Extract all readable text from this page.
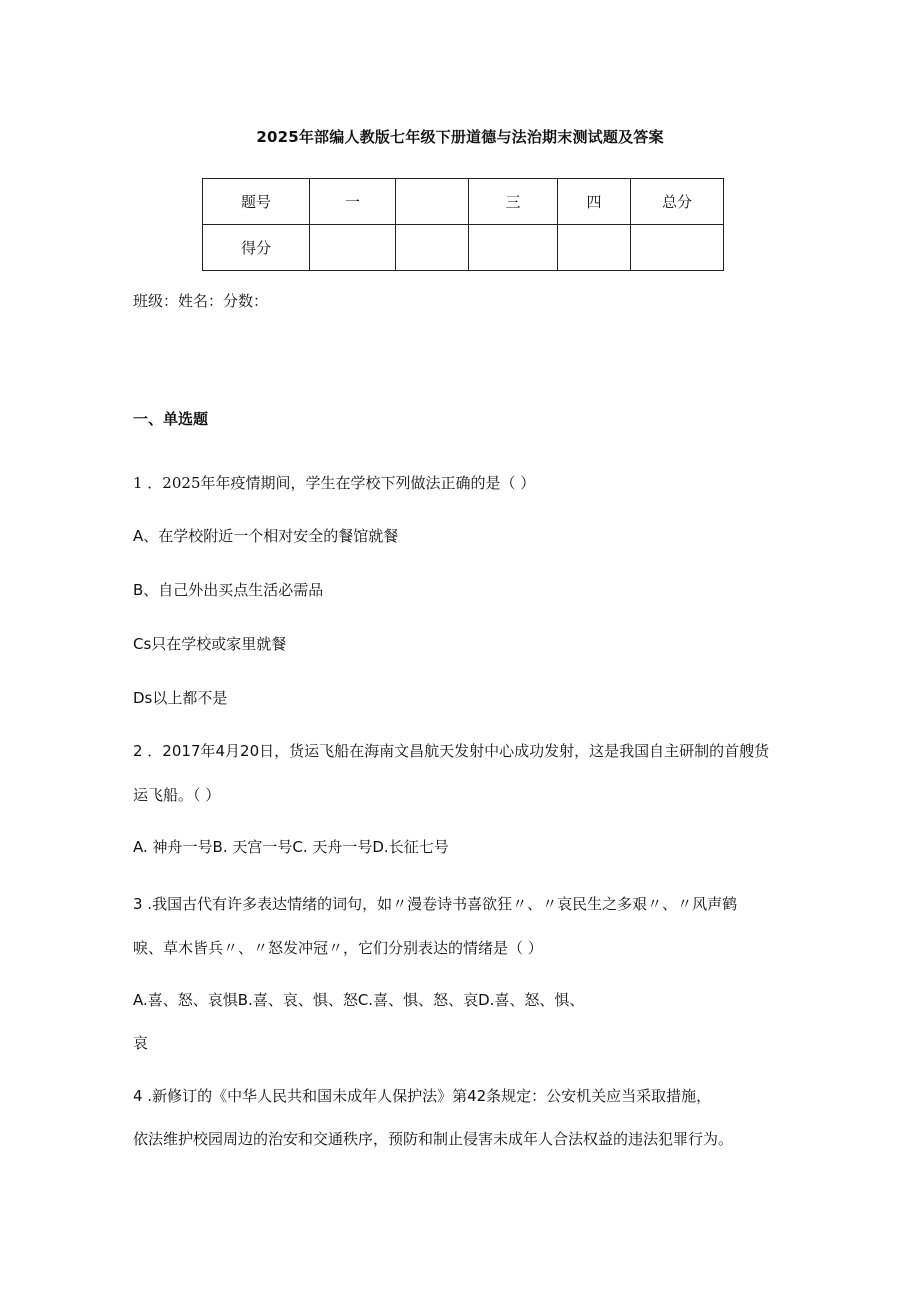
2025年部编人教版七年级下册道德与法治期末测试题及答案
题号	一		三	四	总分
得分					
班级：姓名：分数：
一、单选题
1 ．2025年年疫情期间，学生在学校下列做法正确的是（ ）
A、在学校附近一个相对安全的餐馆就餐
B、自己外出买点生活必需品
Cs只在学校或家里就餐
Ds以上都不是
2 ．2017年4月20日，货运飞船在海南文昌航天发射中心成功发射，这是我国自主研制的首艘货
运飞船。（ ）
A. 神舟一号B. 天宫一号C. 天舟一号D.长征七号
3 .我国古代有许多表达情绪的词句，如〃漫卷诗书喜欲狂〃、〃哀民生之多艰〃、〃风声鹤
唳、草木皆兵〃、〃怒发冲冠〃，它们分别表达的情绪是（ ）
A.喜、怒、哀惧B.喜、哀、惧、怒C.喜、惧、怒、哀D.喜、怒、惧、
哀
4 .新修订的《中华人民共和国未成年人保护法》第42条规定：公安机关应当采取措施，
依法维护校园周边的治安和交通秩序，预防和制止侵害未成年人合法权益的违法犯罪行为。
